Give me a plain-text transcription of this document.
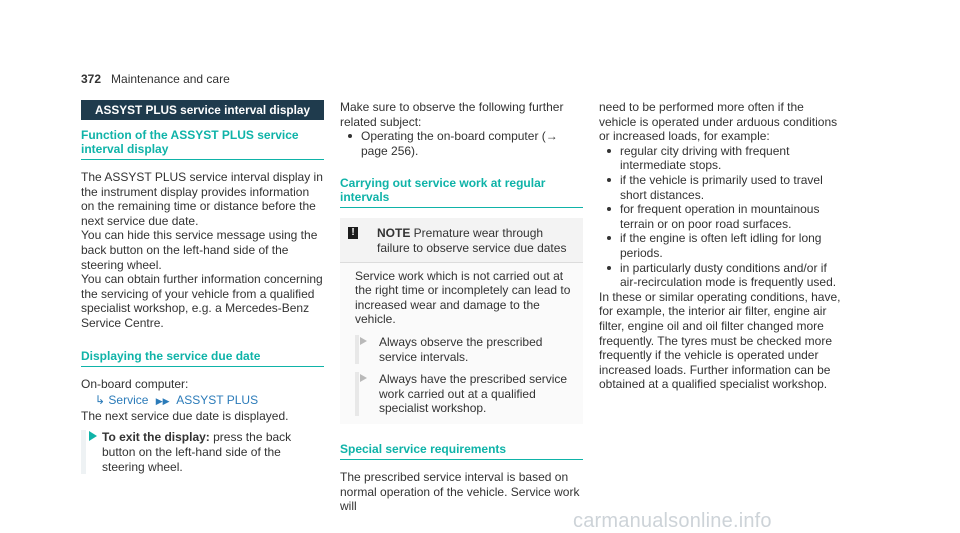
372 Maintenance and care
ASSYST PLUS service interval display
Function of the ASSYST PLUS service interval display

The ASSYST PLUS service interval display in the instrument display provides information on the remaining time or distance before the next service due date.

You can hide this service message using the back button on the left-hand side of the steering wheel.

You can obtain further information concerning the servicing of your vehicle from a qualified specialist workshop, e.g. a Mercedes-Benz Service Centre.

Displaying the service due date

On-board computer:

↳ Service ▶▶ ASSYST PLUS

The next service due date is displayed.

To exit the display: press the back button on the left-hand side of the steering wheel.

Make sure to observe the following further related subject:

Operating the on-board computer (→ page 256).
Carrying out service work at regular intervals
! NOTE Premature wear through failure to observe service due dates

Service work which is not carried out at the right time or incompletely can lead to increased wear and damage to the vehicle.

Always observe the prescribed service intervals.
Always have the prescribed service work carried out at a qualified specialist workshop.
Special service requirements

The prescribed service interval is based on normal operation of the vehicle. Service work will

need to be performed more often if the vehicle is operated under arduous conditions or increased loads, for example:

regular city driving with frequent intermediate stops.
if the vehicle is primarily used to travel short distances.
for frequent operation in mountainous terrain or on poor road surfaces.
if the engine is often left idling for long periods.
in particularly dusty conditions and/or if air-recirculation mode is frequently used.

In these or similar operating conditions, have, for example, the interior air filter, engine air filter, engine oil and oil filter changed more frequently. The tyres must be checked more frequently if the vehicle is operated under increased loads. Further information can be obtained at a qualified specialist workshop.

carmanualsonline.info
